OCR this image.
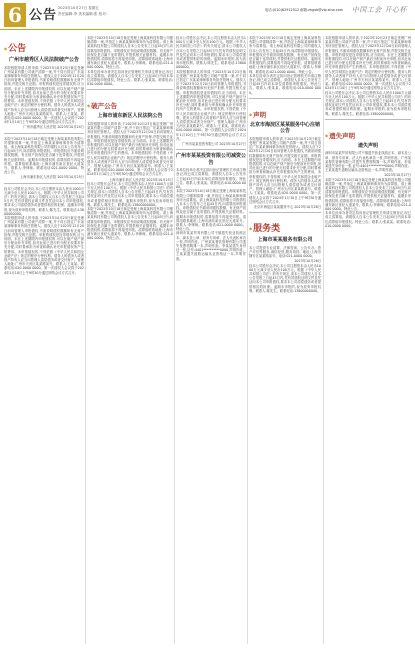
6 公告 2023年10月27日 星期五
责任编辑:李 美术编辑:张 校对:
电话:(010)62912512 邮箱:zhgsb@vip.sina.com 中国工会 开心杯
◆ 公告
广州市越秀区人民法院破产公告

本院根据申请人的申请,于2023年10月23日裁定受理广州某某有限公司破产清算一案,并于同日指定广东某某律师事务所担任管理人。债权人应于2023年12月20日前向管理人申报债权,书面说明债权数额和有无财产担保,并提交相关证据。申报的债权是连带债权的,应当说明。未在上述期限内申报债权的,可以在破产财产最后分配前补充申报,但对此前已进行的分配无权要求补充分配,同时要承担为审查和确认补充申报债权所产生的费用。未申报债权的,不得依照《中华人民共和国企业破产法》规定的程序行使权利。债务人的债务人或者财产持有人应当向管理人清偿债务或者交付财产。管理人地址:广州市天河区某某路某号。联系人:王某某。联系电话:020-0000 0000。第一次债权人会议将于2024年1月10日上午9时30分通过网络会议方式召开。

广州市越秀区人民法院 2023年10月24日

本院于2023年10月18日裁定受理上海某某科技有限公司强制清算一案,并指定上海某某律师事务所为清算组。请上海某某科技有限公司的债权人自本公告发布之日起45日内,向清算组申报债权。申报债权应书面说明债权数额、有无财产担保及是否属于连带债权,并提供相关证据材料。逾期未申报债权的,清算组将不再接受申报。清算组联系地址:上海市浦东新区世纪大道某号。联系人:李律师。联系电话:021-0000 0000。特此公告。

上海市浦东新区人民法院 2023年10月25日

经本公司股东会决议,本公司注册资本由人民币1000万元减少至人民币100万元。根据《中华人民共和国公司法》的有关规定,请本公司债权人自本公告见报之日起45日内,凭有效债权证明文件及凭证向本公司申报债权,要求本公司清偿债务或者提供相应的担保。逾期未申报的,视为放弃申报权利。联系人:陈先生。联系电话:13800000000。

本院根据申请人的申请,于2023年10月23日裁定受理广州某某有限公司破产清算一案,并于同日指定广东某某律师事务所担任管理人。债权人应于2023年12月20日前向管理人申报债权,书面说明债权数额和有无财产担保,并提交相关证据。申报的债权是连带债权的,应当说明。未在上述期限内申报债权的,可以在破产财产最后分配前补充申报,但对此前已进行的分配无权要求补充分配,同时要承担为审查和确认补充申报债权所产生的费用。未申报债权的,不得依照《中华人民共和国企业破产法》规定的程序行使权利。债务人的债务人或者财产持有人应当向管理人清偿债务或者交付财产。管理人地址:广州市天河区某某路某号。联系人:王某某。联系电话:020-0000 0000。第一次债权人会议将于2024年1月10日上午9时30分通过网络会议方式召开。

本院于2023年10月18日裁定受理上海某某科技有限公司强制清算一案,并指定上海某某律师事务所为清算组。请上海某某科技有限公司的债权人自本公告发布之日起45日内,向清算组申报债权。申报债权应书面说明债权数额、有无财产担保及是否属于连带债权,并提供相关证据材料。逾期未申报债权的,清算组将不再接受申报。清算组联系地址:上海市浦东新区世纪大道某号。联系人:李律师。联系电话:021-0000 0000。特此公告。

本单位经举办者决定拟向登记管理机关申请注销登记,现已成立清算组。请债权人自本公告发布之日起45日内向本单位清算组申报债权。特此公告。联系人:张某某。联系电话:010-0000 0000。

◆ 破产公告
上海市浦东新区人民法院公告

本院根据申请人的申请,于2023年10月23日裁定受理广州某某有限公司破产清算一案,并于同日指定广东某某律师事务所担任管理人。债权人应于2023年12月20日前向管理人申报债权,书面说明债权数额和有无财产担保,并提交相关证据。申报的债权是连带债权的,应当说明。未在上述期限内申报债权的,可以在破产财产最后分配前补充申报,但对此前已进行的分配无权要求补充分配,同时要承担为审查和确认补充申报债权所产生的费用。未申报债权的,不得依照《中华人民共和国企业破产法》规定的程序行使权利。债务人的债务人或者财产持有人应当向管理人清偿债务或者交付财产。管理人地址:广州市天河区某某路某号。联系人:王某某。联系电话:020-0000 0000。第一次债权人会议将于2024年1月10日上午9时30分通过网络会议方式召开。

上海市浦东新区人民法院 2023年10月25日

经本公司股东会决议,本公司注册资本由人民币1000万元减少至人民币100万元。根据《中华人民共和国公司法》的有关规定,请本公司债权人自本公告见报之日起45日内,凭有效债权证明文件及凭证向本公司申报债权,要求本公司清偿债务或者提供相应的担保。逾期未申报的,视为放弃申报权利。联系人:陈先生。联系电话:13800000000。

本院于2023年10月18日裁定受理上海某某科技有限公司强制清算一案,并指定上海某某律师事务所为清算组。请上海某某科技有限公司的债权人自本公告发布之日起45日内,向清算组申报债权。申报债权应书面说明债权数额、有无财产担保及是否属于连带债权,并提供相关证据材料。逾期未申报债权的,清算组将不再接受申报。清算组联系地址:上海市浦东新区世纪大道某号。联系人:李律师。联系电话:021-0000 0000。特此公告。

经本公司股东会决议,本公司注册资本由人民币1000万元减少至人民币100万元。根据《中华人民共和国公司法》的有关规定,请本公司债权人自本公告见报之日起45日内,凭有效债权证明文件及凭证向本公司申报债权,要求本公司清偿债务或者提供相应的担保。逾期未申报的,视为放弃申报权利。联系人:陈先生。联系电话:13800000000。

本院根据申请人的申请,于2023年10月23日裁定受理广州某某有限公司破产清算一案,并于同日指定广东某某律师事务所担任管理人。债权人应于2023年12月20日前向管理人申报债权,书面说明债权数额和有无财产担保,并提交相关证据。申报的债权是连带债权的,应当说明。未在上述期限内申报债权的,可以在破产财产最后分配前补充申报,但对此前已进行的分配无权要求补充分配,同时要承担为审查和确认补充申报债权所产生的费用。未申报债权的,不得依照《中华人民共和国企业破产法》规定的程序行使权利。债务人的债务人或者财产持有人应当向管理人清偿债务或者交付财产。管理人地址:广州市天河区某某路某号。联系人:王某某。联系电话:020-0000 0000。第一次债权人会议将于2024年1月10日上午9时30分通过网络会议方式召开。

广州市某某投资有限公司 2023年10月27日

广州市某某投资有限公司减资公告

本单位经举办者决定拟向登记管理机关申请注销登记,现已成立清算组。请债权人自本公告发布之日起45日内向本单位清算组申报债权。特此公告。联系人:张某某。联系电话:010-0000 0000。

本院于2023年10月18日裁定受理上海某某科技有限公司强制清算一案,并指定上海某某律师事务所为清算组。请上海某某科技有限公司的债权人自本公告发布之日起45日内,向清算组申报债权。申报债权应书面说明债权数额、有无财产担保及是否属于连带债权,并提供相关证据材料。逾期未申报债权的,清算组将不再接受申报。清算组联系地址:上海市浦东新区世纪大道某号。联系人:李律师。联系电话:021-0000 0000。特此公告。

深圳市某某贸易有限公司不慎遗失营业执照正本、副本及公章、财务专用章、法人代表私章各一枚,声明作废。广州某某餐饮管理有限公司遗失发票领购簿一本,声明作废。李某某遗失身份证一张,证号:4401**********0000,声明作废。王某某遗失道路运输从业资格证一本,声明作废。

本院于2023年10月18日裁定受理上海某某科技有限公司强制清算一案,并指定上海某某律师事务所为清算组。请上海某某科技有限公司的债权人自本公告发布之日起45日内,向清算组申报债权。申报债权应书面说明债权数额、有无财产担保及是否属于连带债权,并提供相关证据材料。逾期未申报债权的,清算组将不再接受申报。清算组联系地址:上海市浦东新区世纪大道某号。联系人:李律师。联系电话:021-0000 0000。特此公告。

本单位经举办者决定拟向登记管理机关申请注销登记,现已成立清算组。请债权人自本公告发布之日起45日内向本单位清算组申报债权。特此公告。联系人:张某某。联系电话:010-0000 0000。

◆ 声明
北京市海淀区某某服务中心注销公告

本院根据申请人的申请,于2023年10月23日裁定受理广州某某有限公司破产清算一案,并于同日指定广东某某律师事务所担任管理人。债权人应于2023年12月20日前向管理人申报债权,书面说明债权数额和有无财产担保,并提交相关证据。申报的债权是连带债权的,应当说明。未在上述期限内申报债权的,可以在破产财产最后分配前补充申报,但对此前已进行的分配无权要求补充分配,同时要承担为审查和确认补充申报债权所产生的费用。未申报债权的,不得依照《中华人民共和国企业破产法》规定的程序行使权利。债务人的债务人或者财产持有人应当向管理人清偿债务或者交付财产。管理人地址:广州市天河区某某路某号。联系人:王某某。联系电话:020-0000 0000。第一次债权人会议将于2024年1月10日上午9时30分通过网络会议方式召开。

北京市海淀区某某服务中心 2023年10月26日

◆ 服务类
上海市某某服务有限公司

本公司提供专业清算、法律咨询、公告代办、资产评估等服务,诚信经营,服务周到。地址:上海市静安区某某路某号。电话:021-0000 0000。

2023年10月26日

经本公司股东会决议,本公司注册资本由人民币1000万元减少至人民币100万元。根据《中华人民共和国公司法》的有关规定,请本公司债权人自本公告见报之日起45日内,凭有效债权证明文件及凭证向本公司申报债权,要求本公司清偿债务或者提供相应的担保。逾期未申报的,视为放弃申报权利。联系人:陈先生。联系电话:13800000000。

本院根据申请人的申请,于2023年10月23日裁定受理广州某某有限公司破产清算一案,并于同日指定广东某某律师事务所担任管理人。债权人应于2023年12月20日前向管理人申报债权,书面说明债权数额和有无财产担保,并提交相关证据。申报的债权是连带债权的,应当说明。未在上述期限内申报债权的,可以在破产财产最后分配前补充申报,但对此前已进行的分配无权要求补充分配,同时要承担为审查和确认补充申报债权所产生的费用。未申报债权的,不得依照《中华人民共和国企业破产法》规定的程序行使权利。债务人的债务人或者财产持有人应当向管理人清偿债务或者交付财产。管理人地址:广州市天河区某某路某号。联系人:王某某。联系电话:020-0000 0000。第一次债权人会议将于2024年1月10日上午9时30分通过网络会议方式召开。

经本公司股东会决议,本公司注册资本由人民币1000万元减少至人民币100万元。根据《中华人民共和国公司法》的有关规定,请本公司债权人自本公告见报之日起45日内,凭有效债权证明文件及凭证向本公司申报债权,要求本公司清偿债务或者提供相应的担保。逾期未申报的,视为放弃申报权利。联系人:陈先生。联系电话:13800000000。

◆ 遗失声明
遗失声明

深圳市某某贸易有限公司不慎遗失营业执照正本、副本及公章、财务专用章、法人代表私章各一枚,声明作废。广州某某餐饮管理有限公司遗失发票领购簿一本,声明作废。李某某遗失身份证一张,证号:4401**********0000,声明作废。王某某遗失道路运输从业资格证一本,声明作废。

2023年10月27日

本院于2023年10月18日裁定受理上海某某科技有限公司强制清算一案,并指定上海某某律师事务所为清算组。请上海某某科技有限公司的债权人自本公告发布之日起45日内,向清算组申报债权。申报债权应书面说明债权数额、有无财产担保及是否属于连带债权,并提供相关证据材料。逾期未申报债权的,清算组将不再接受申报。清算组联系地址:上海市浦东新区世纪大道某号。联系人:李律师。联系电话:021-0000 0000。特此公告。

本单位经举办者决定拟向登记管理机关申请注销登记,现已成立清算组。请债权人自本公告发布之日起45日内向本单位清算组申报债权。特此公告。联系人:张某某。联系电话:010-0000 0000。
